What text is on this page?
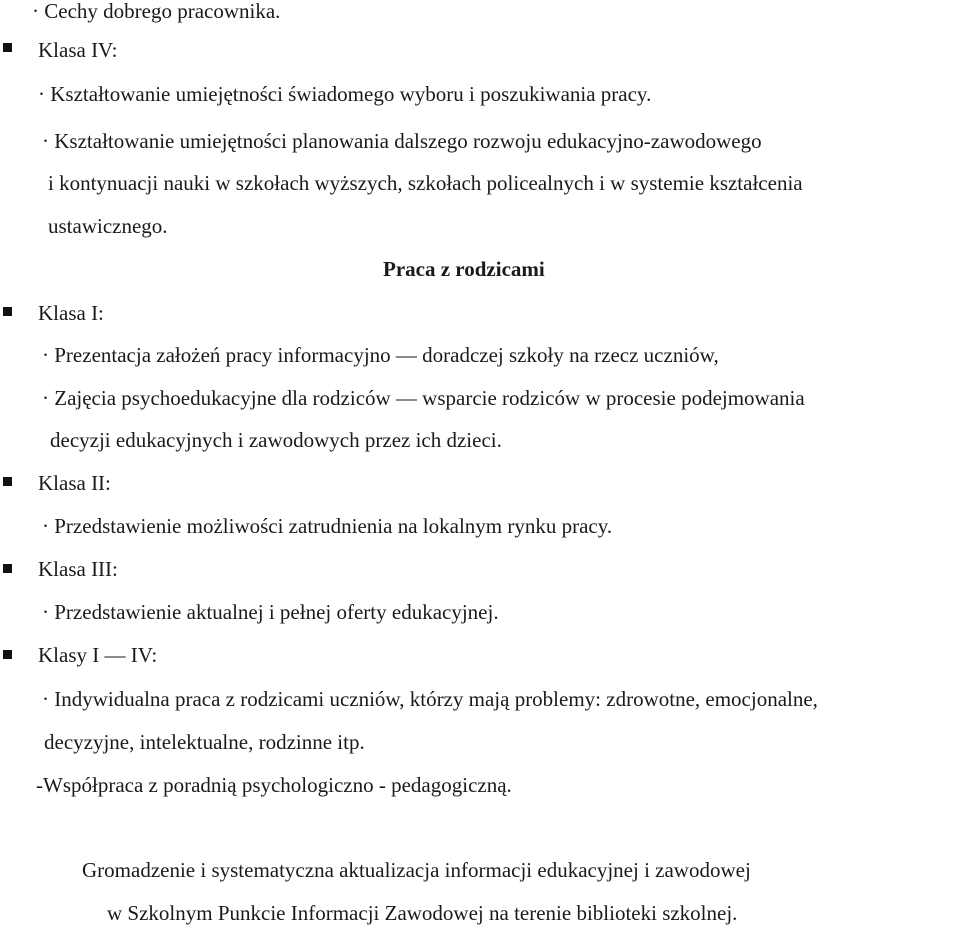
· Cechy dobrego pracownika.
Klasa IV:
· Kształtowanie umiejętności świadomego wyboru i poszukiwania pracy.
· Kształtowanie umiejętności planowania dalszego rozwoju edukacyjno-zawodowego
i kontynuacji nauki w szkołach wyższych, szkołach policealnych i w systemie kształcenia
ustawicznego.
Praca z rodzicami
Klasa I:
· Prezentacja założeń pracy informacyjno — doradczej szkoły na rzecz uczniów,
· Zajęcia psychoedukacyjne dla rodziców — wsparcie rodziców w procesie podejmowania
decyzji edukacyjnych i zawodowych przez ich dzieci.
Klasa II:
· Przedstawienie możliwości zatrudnienia na lokalnym rynku pracy.
Klasa III:
· Przedstawienie aktualnej i pełnej oferty edukacyjnej.
Klasy I — IV:
· Indywidualna praca z rodzicami uczniów, którzy mają problemy: zdrowotne, emocjonalne,
decyzyjne, intelektualne, rodzinne itp.
-Współpraca z poradnią psychologiczno - pedagogiczną.
Gromadzenie i systematyczna aktualizacja informacji edukacyjnej i zawodowej
w Szkolnym Punkcie Informacji Zawodowej na terenie biblioteki szkolnej.
